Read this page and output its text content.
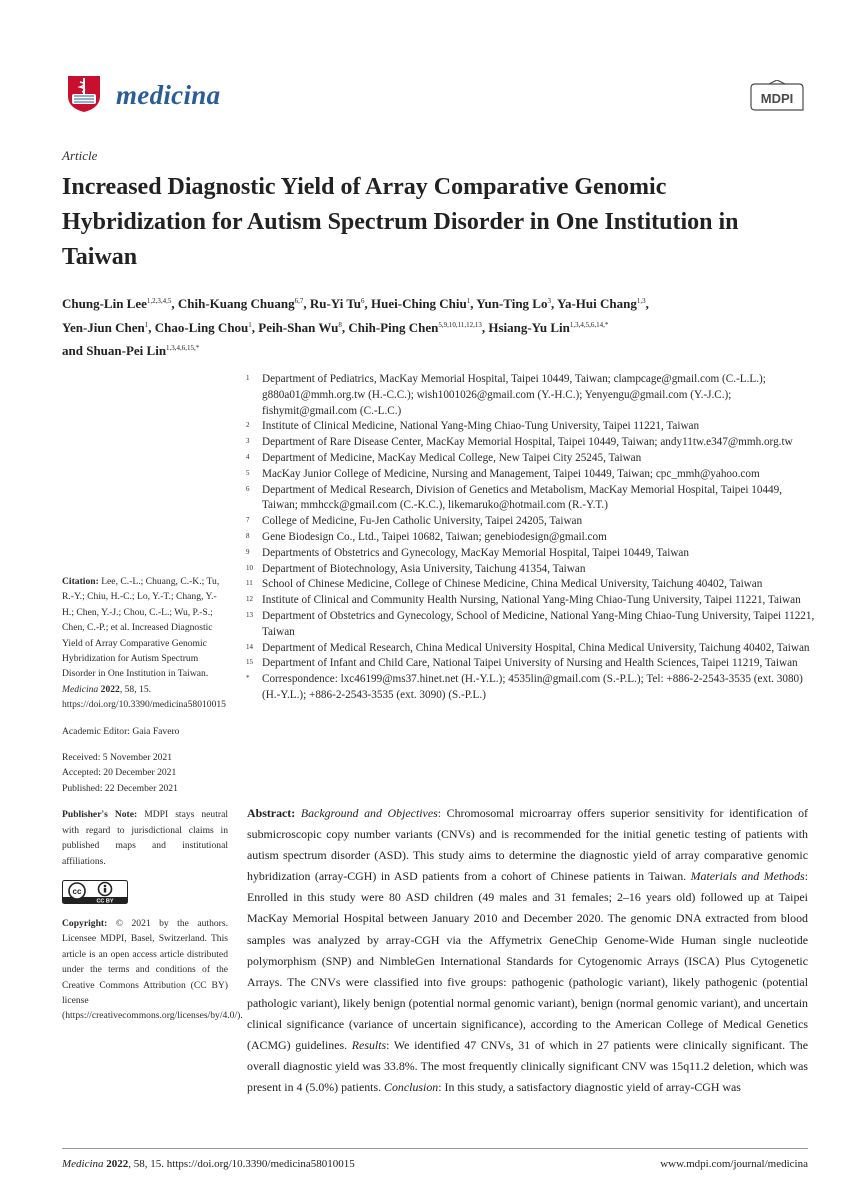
medicina	MDPI
Article
Increased Diagnostic Yield of Array Comparative Genomic Hybridization for Autism Spectrum Disorder in One Institution in Taiwan
Chung-Lin Lee$^{1,2,3,4,5}$, Chih-Kuang Chuang$^{6,7}$, Ru-Yi Tu$^6$, Huei-Ching Chiu$^1$, Yun-Ting Lo$^3$, Ya-Hui Chang$^{1,3}$,
Yen-Jiun Chen$^1$, Chao-Ling Chou$^1$, Peih-Shan Wu$^8$, Chih-Ping Chen$^{5,9,10,11,12,13}$, Hsiang-Yu Lin$^{1,3,4,5,6,14,*}$
and Shuan-Pei Lin$^{1,3,4,6,15,*}$
1	Department of Pediatrics, MacKay Memorial Hospital, Taipei 10449, Taiwan; clampcage@gmail.com (C.-L.L.); g880a01@mmh.org.tw (H.-C.C.); wish1001026@gmail.com (Y.-H.C.); Yenyengu@gmail.com (Y.-J.C.); fishymit@gmail.com (C.-L.C.)
2	Institute of Clinical Medicine, National Yang-Ming Chiao-Tung University, Taipei 11221, Taiwan
3	Department of Rare Disease Center, MacKay Memorial Hospital, Taipei 10449, Taiwan; andy11tw.e347@mmh.org.tw
4	Department of Medicine, MacKay Medical College, New Taipei City 25245, Taiwan
5	MacKay Junior College of Medicine, Nursing and Management, Taipei 10449, Taiwan; cpc_mmh@yahoo.com
6	Department of Medical Research, Division of Genetics and Metabolism, MacKay Memorial Hospital, Taipei 10449, Taiwan; mmhcck@gmail.com (C.-K.C.), likemaruko@hotmail.com (R.-Y.T.)
7	College of Medicine, Fu-Jen Catholic University, Taipei 24205, Taiwan
8	Gene Biodesign Co., Ltd., Taipei 10682, Taiwan; genebiodesign@gmail.com
9	Departments of Obstetrics and Gynecology, MacKay Memorial Hospital, Taipei 10449, Taiwan
10 Department of Biotechnology, Asia University, Taichung 41354, Taiwan
11 School of Chinese Medicine, College of Chinese Medicine, China Medical University, Taichung 40402, Taiwan
12 Institute of Clinical and Community Health Nursing, National Yang-Ming Chiao-Tung University, Taipei 11221, Taiwan
13 Department of Obstetrics and Gynecology, School of Medicine, National Yang-Ming Chiao-Tung University, Taipei 11221, Taiwan
14 Department of Medical Research, China Medical University Hospital, China Medical University, Taichung 40402, Taiwan
15 Department of Infant and Child Care, National Taipei University of Nursing and Health Sciences, Taipei 11219, Taiwan
*	Correspondence: lxc46199@ms37.hinet.net (H.-Y.L.); 4535lin@gmail.com (S.-P.L.); Tel: +886-2-2543-3535 (ext. 3080) (H.-Y.L.); +886-2-2543-3535 (ext. 3090) (S.-P.L.)
Citation: Lee, C.-L.; Chuang, C.-K.; Tu, R.-Y.; Chiu, H.-C.; Lo, Y.-T.; Chang, Y.-H.; Chen, Y.-J.; Chou, C.-L.; Wu, P.-S.; Chen, C.-P.; et al. Increased Diagnostic Yield of Array Comparative Genomic Hybridization for Autism Spectrum Disorder in One Institution in Taiwan. Medicina 2022, 58, 15. https://doi.org/10.3390/medicina58010015
Academic Editor: Gaia Favero
Received: 5 November 2021
Accepted: 20 December 2021
Published: 22 December 2021
Publisher's Note: MDPI stays neutral with regard to jurisdictional claims in published maps and institutional affiliations.
cc
CC BY
Copyright: © 2021 by the authors. Licensee MDPI, Basel, Switzerland. This article is an open access article distributed under the terms and conditions of the Creative Commons Attribution (CC BY) license (https://creativecommons.org/licenses/by/4.0/).
Abstract: Background and Objectives: Chromosomal microarray offers superior sensitivity for identification of submicroscopic copy number variants (CNVs) and is recommended for the initial genetic testing of patients with autism spectrum disorder (ASD). This study aims to determine the diagnostic yield of array comparative genomic hybridization (array-CGH) in ASD patients from a cohort of Chinese patients in Taiwan. Materials and Methods: Enrolled in this study were 80 ASD children (49 males and 31 females; 2–16 years old) followed up at Taipei MacKay Memorial Hospital between January 2010 and December 2020. The genomic DNA extracted from blood samples was analyzed by array-CGH via the Affymetrix GeneChip Genome-Wide Human single nucleotide polymorphism (SNP) and NimbleGen International Standards for Cytogenomic Arrays (ISCA) Plus Cytogenetic Arrays. The CNVs were classified into five groups: pathogenic (pathologic variant), likely pathogenic (potential pathologic variant), likely benign (potential normal genomic variant), benign (normal genomic variant), and uncertain clinical significance (variance of uncertain significance), according to the American College of Medical Genetics (ACMG) guidelines. Results: We identified 47 CNVs, 31 of which in 27 patients were clinically significant. The overall diagnostic yield was 33.8%. The most frequently clinically significant CNV was 15q11.2 deletion, which was present in 4 (5.0%) patients. Conclusion: In this study, a satisfactory diagnostic yield of array-CGH was
Medicina 2022, 58, 15. https://doi.org/10.3390/medicina58010015	www.mdpi.com/journal/medicina
